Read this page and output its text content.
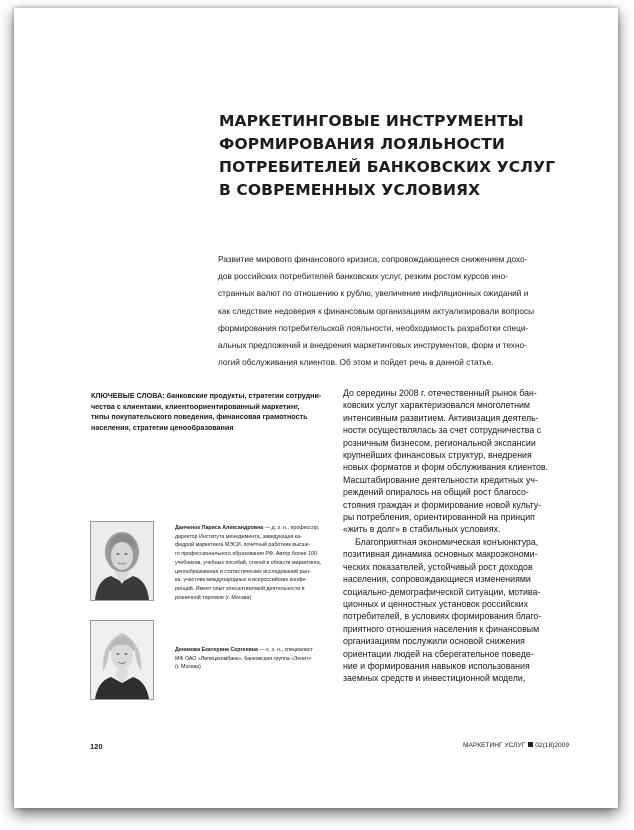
МАРКЕТИНГОВЫЕ ИНСТРУМЕНТЫ
ФОРМИРОВАНИЯ ЛОЯЛЬНОСТИ
ПОТРЕБИТЕЛЕЙ БАНКОВСКИХ УСЛУГ
В СОВРЕМЕННЫХ УСЛОВИЯХ
Развитие мирового финансового кризиса, сопровождающееся снижением дохо-
дов российских потребителей банковских услуг, резким ростом курсов ино-
странных валют по отношению к рублю, увеличение инфляционных ожиданий и
как следствие недоверия к финансовым организациям актуализировали вопросы
формирования потребительской лояльности, необходимость разработки специ-
альных предложений и внедрения маркетинговых инструментов, форм и техно-
логий обслуживания клиентов. Об этом и пойдет речь в данной статье.
КЛЮЧЕВЫЕ СЛОВА: банковские продукты, стратегии сотрудни-
чества с клиентами, клиентоориентированный маркетинг,
типы покупательского поведения, финансовая грамотность
населения, стратегии ценообразования
Данченок Лариса Александровна — д. э. н., профессор,
директор Института менеджмента, заведующая ка-
федрой маркетинга МЭСИ, почетный работник высше-
го профессионального образования РФ. Автор более 100
учебников, учебных пособий, статей в области маркетинга,
ценообразования и статистических исследований рын-
ка, участник международных и всероссийских конфе-
ренций. Имеет опыт консалтинговой деятельности в
розничной торговле (г. Москва)
Деникова Екатерина Сергеевна — к. э. н., специалист
МФ ОАО «Липецккомбанк», банковская группа «Зенит»
(г. Москва)
До середины 2008 г. отечественный рынок бан-
ковских услуг характеризовался многолетним
интенсивным развитием. Активизация деятель-
ности осуществлялась за счет сотрудничества с
розничным бизнесом, региональной экспансии
крупнейших финансовых структур, внедрения
новых форматов и форм обслуживания клиентов.
Масштабирование деятельности кредитных уч-
реждений опиралось на общий рост благосо-
стояния граждан и формирование новой культу-
ры потребления, ориентированной на принцип
«жить в долг» в стабильных условиях.
Благоприятная экономическая конъюнктура,
позитивная динамика основных макроэкономи-
ческих показателей, устойчивый рост доходов
населения, сопровождающиеся изменениями
социально-демографической ситуации, мотива-
ционных и ценностных установок российских
потребителей, в условиях формирования благо-
приятного отношения населения к финансовым
организациям послужили основой снижения
ориентации людей на сберегательное поведе-
ние и формирования навыков использования
заемных средств и инвестиционной модели,
120	МАРКЕТИНГ УСЛУГ 02(18)2009
